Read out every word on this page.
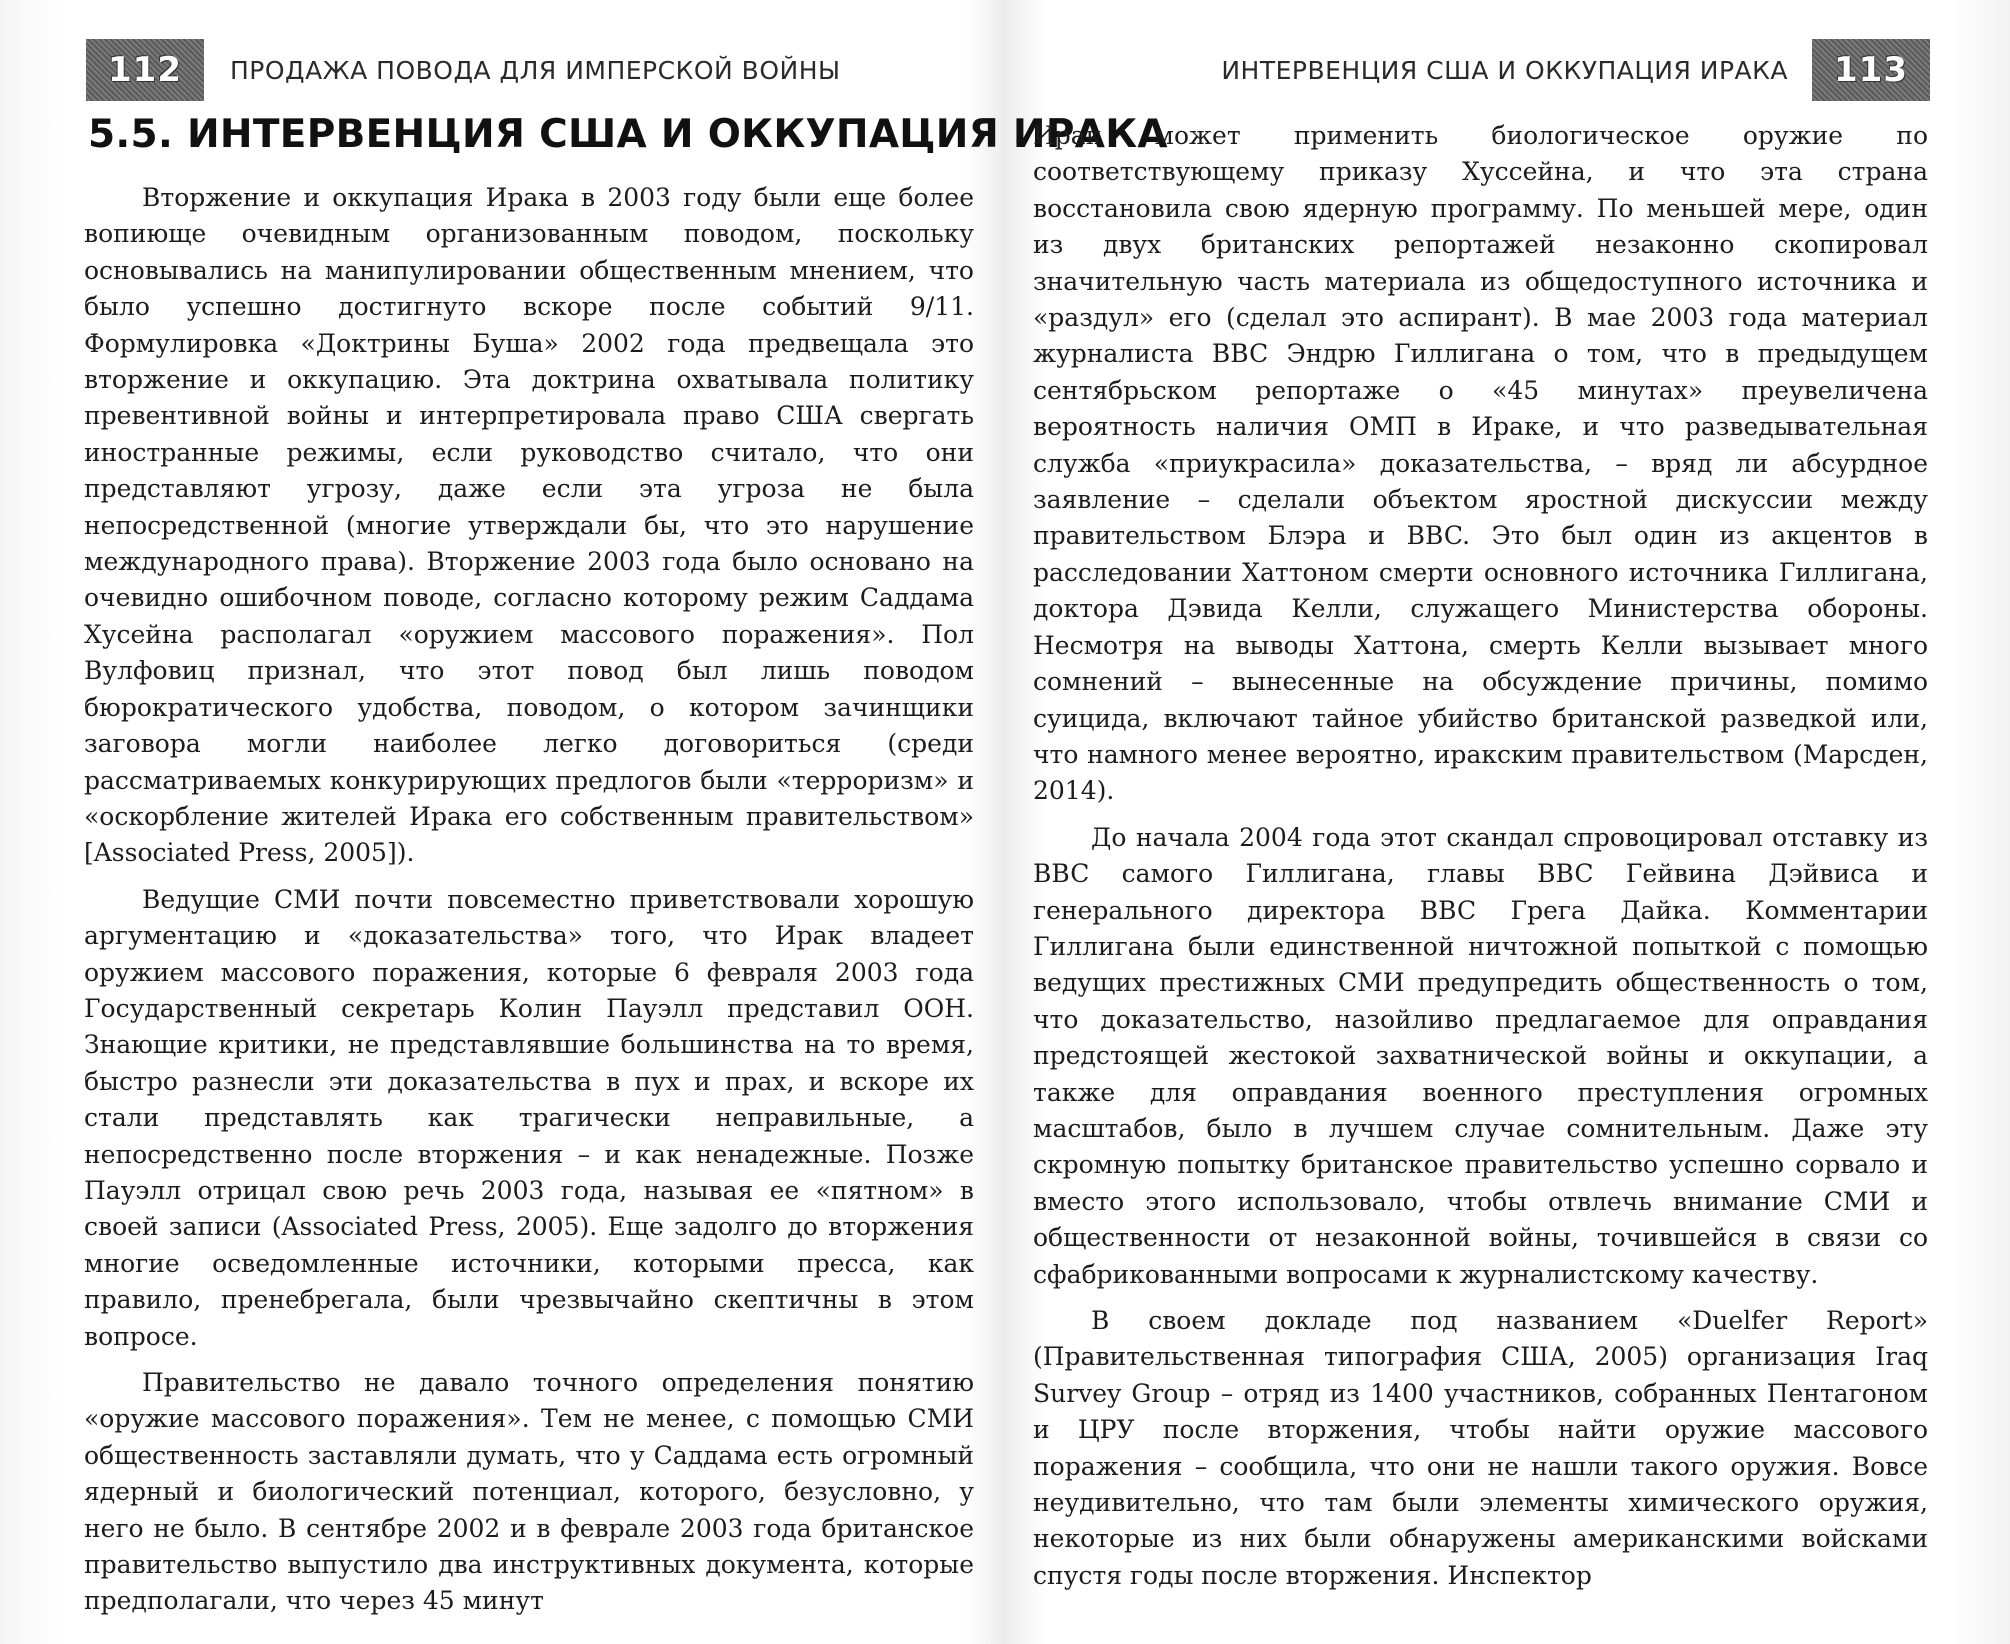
112	ПРОДАЖА ПОВОДА ДЛЯ ИМПЕРСКОЙ ВОЙНЫ
5.5. ИНТЕРВЕНЦИЯ США И ОККУПАЦИЯ ИРАКА

Вторжение и оккупация Ирака в 2003 году были еще более вопиюще очевидным организованным поводом, поскольку основывались на манипулировании общественным мнением, что было успешно достигнуто вскоре после событий 9/11. Формулировка «Доктрины Буша» 2002 года предвещала это вторжение и оккупацию. Эта доктрина охватывала политику превентивной войны и интерпретировала право США свергать иностранные режимы, если руководство считало, что они представляют угрозу, даже если эта угроза не была непосредственной (многие утверждали бы, что это нарушение международного права). Вторжение 2003 года было основано на очевидно ошибочном поводе, согласно которому режим Саддама Хусейна располагал «оружием массового поражения». Пол Вулфовиц признал, что этот повод был лишь поводом бюрократического удобства, поводом, о котором зачинщики заговора могли наиболее легко договориться (среди рассматриваемых конкурирующих предлогов были «терроризм» и «оскорбление жителей Ирака его собственным правительством» [Associated Press, 2005]).

Ведущие СМИ почти повсеместно приветствовали хорошую аргументацию и «доказательства» того, что Ирак владеет оружием массового поражения, которые 6 февраля 2003 года Государственный секретарь Колин Пауэлл представил ООН. Знающие критики, не представлявшие большинства на то время, быстро разнесли эти доказательства в пух и прах, и вскоре их стали представлять как трагически неправильные, а непосредственно после вторжения – и как ненадежные. Позже Пауэлл отрицал свою речь 2003 года, называя ее «пятном» в своей записи (Associated Press, 2005). Еще задолго до вторжения многие осведомленные источники, которыми пресса, как правило, пренебрегала, были чрезвычайно скептичны в этом вопросе.

Правительство не давало точного определения понятию «оружие массового поражения». Тем не менее, с помощью СМИ общественность заставляли думать, что у Саддама есть огромный ядерный и биологический потенциал, которого, безусловно, у него не было. В сентябре 2002 и в феврале 2003 года британское правительство выпустило два инструктивных документа, которые предполагали, что через 45 минут

ИНТЕРВЕНЦИЯ США И ОККУПАЦИЯ ИРАКА	113

Ирак может применить биологическое оружие по соответствующему приказу Хуссейна, и что эта страна восстановила свою ядерную программу. По меньшей мере, один из двух британских репортажей незаконно скопировал значительную часть материала из общедоступного источника и «раздул» его (сделал это аспирант). В мае 2003 года материал журналиста BBC Эндрю Гиллигана о том, что в предыдущем сентябрьском репортаже о «45 минутах» преувеличена вероятность наличия ОМП в Ираке, и что разведывательная служба «приукрасила» доказательства, – вряд ли абсурдное заявление – сделали объектом яростной дискуссии между правительством Блэра и BBC. Это был один из акцентов в расследовании Хаттоном смерти основного источника Гиллигана, доктора Дэвида Келли, служащего Министерства обороны. Несмотря на выводы Хаттона, смерть Келли вызывает много сомнений – вынесенные на обсуждение причины, помимо суицида, включают тайное убийство британской разведкой или, что намного менее вероятно, иракским правительством (Марсден, 2014).

До начала 2004 года этот скандал спровоцировал отставку из BBC самого Гиллигана, главы BBC Гейвина Дэйвиса и генерального директора BBC Грега Дайка. Комментарии Гиллигана были единственной ничтожной попыткой с помощью ведущих престижных СМИ предупредить общественность о том, что доказательство, назойливо предлагаемое для оправдания предстоящей жестокой захватнической войны и оккупации, а также для оправдания военного преступления огромных масштабов, было в лучшем случае сомнительным. Даже эту скромную попытку британское правительство успешно сорвало и вместо этого использовало, чтобы отвлечь внимание СМИ и общественности от незаконной войны, точившейся в связи со сфабрикованными вопросами к журналистскому качеству.

В своем докладе под названием «Duelfer Report» (Правительственная типография США, 2005) организация Iraq Survey Group – отряд из 1400 участников, собранных Пентагоном и ЦРУ после вторжения, чтобы найти оружие массового поражения – сообщила, что они не нашли такого оружия. Вовсе неудивительно, что там были элементы химического оружия, некоторые из них были обнаружены американскими войсками спустя годы после вторжения. Инспектор
